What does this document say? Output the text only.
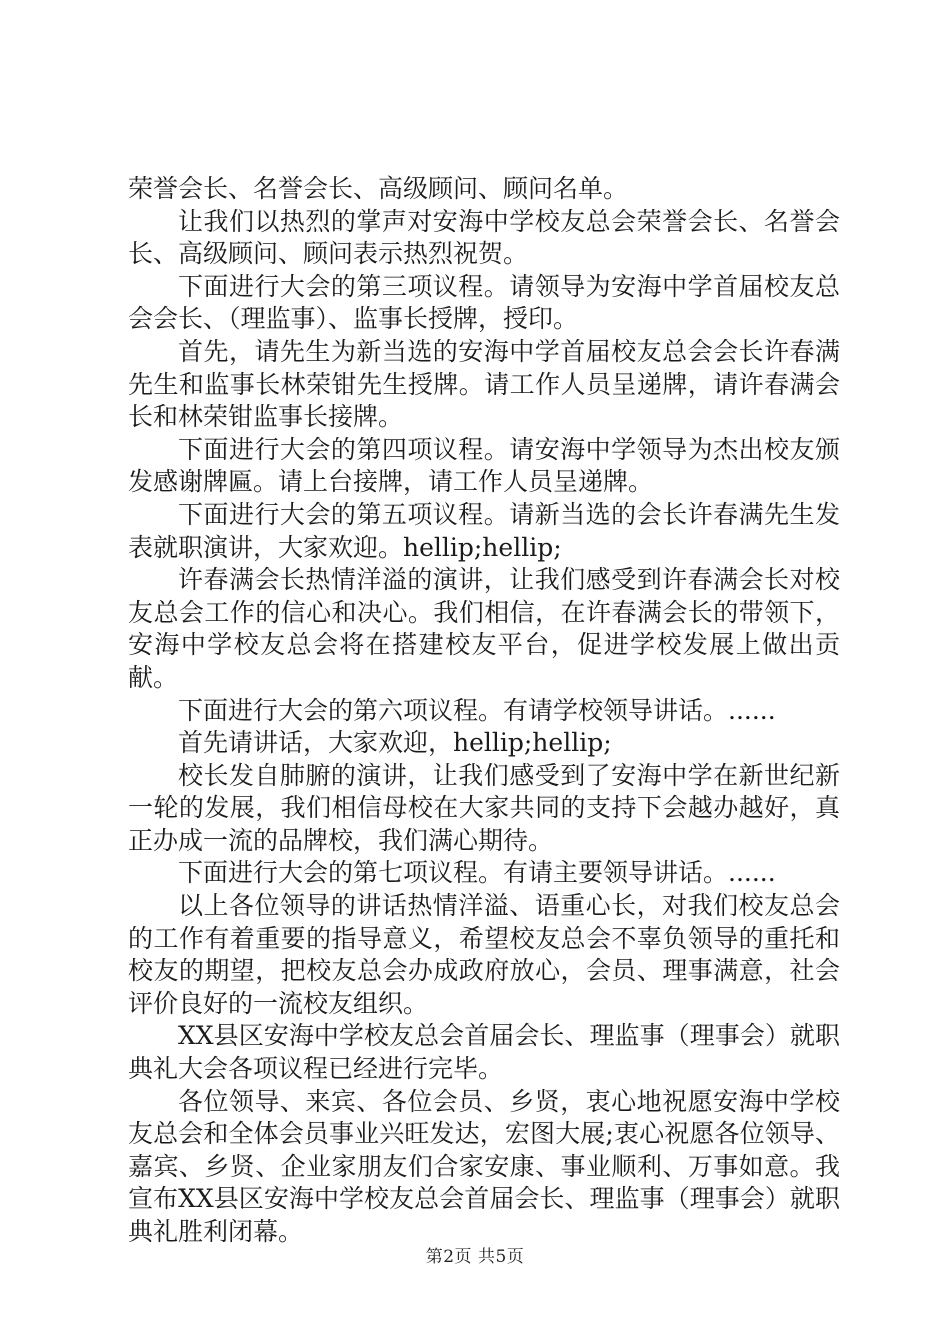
荣誉会长、名誉会长、高级顾问、顾问名单。

让我们以热烈的掌声对安海中学校友总会荣誉会长、名誉会长、高级顾问、顾问表示热烈祝贺。

下面进行大会的第三项议程。请领导为安海中学首届校友总会会长、（理监事）、监事长授牌，授印。

首先，请先生为新当选的安海中学首届校友总会会长许春满先生和监事长林荣钳先生授牌。请工作人员呈递牌，请许春满会长和林荣钳监事长接牌。

下面进行大会的第四项议程。请安海中学领导为杰出校友颁发感谢牌匾。请上台接牌，请工作人员呈递牌。

下面进行大会的第五项议程。请新当选的会长许春满先生发表就职演讲，大家欢迎。hellip;hellip;

许春满会长热情洋溢的演讲，让我们感受到许春满会长对校友总会工作的信心和决心。我们相信，在许春满会长的带领下，安海中学校友总会将在搭建校友平台，促进学校发展上做出贡献。

下面进行大会的第六项议程。有请学校领导讲话。......

首先请讲话，大家欢迎，hellip;hellip;

校长发自肺腑的演讲，让我们感受到了安海中学在新世纪新一轮的发展，我们相信母校在大家共同的支持下会越办越好，真正办成一流的品牌校，我们满心期待。

下面进行大会的第七项议程。有请主要领导讲话。......

以上各位领导的讲话热情洋溢、语重心长，对我们校友总会的工作有着重要的指导意义，希望校友总会不辜负领导的重托和校友的期望，把校友总会办成政府放心，会员、理事满意，社会评价良好的一流校友组织。

XX县区安海中学校友总会首届会长、理监事（理事会）就职典礼大会各项议程已经进行完毕。

各位领导、来宾、各位会员、乡贤，衷心地祝愿安海中学校友总会和全体会员事业兴旺发达，宏图大展;衷心祝愿各位领导、嘉宾、乡贤、企业家朋友们合家安康、事业顺利、万事如意。我宣布XX县区安海中学校友总会首届会长、理监事（理事会）就职典礼胜利闭幕。

第2页 共5页
